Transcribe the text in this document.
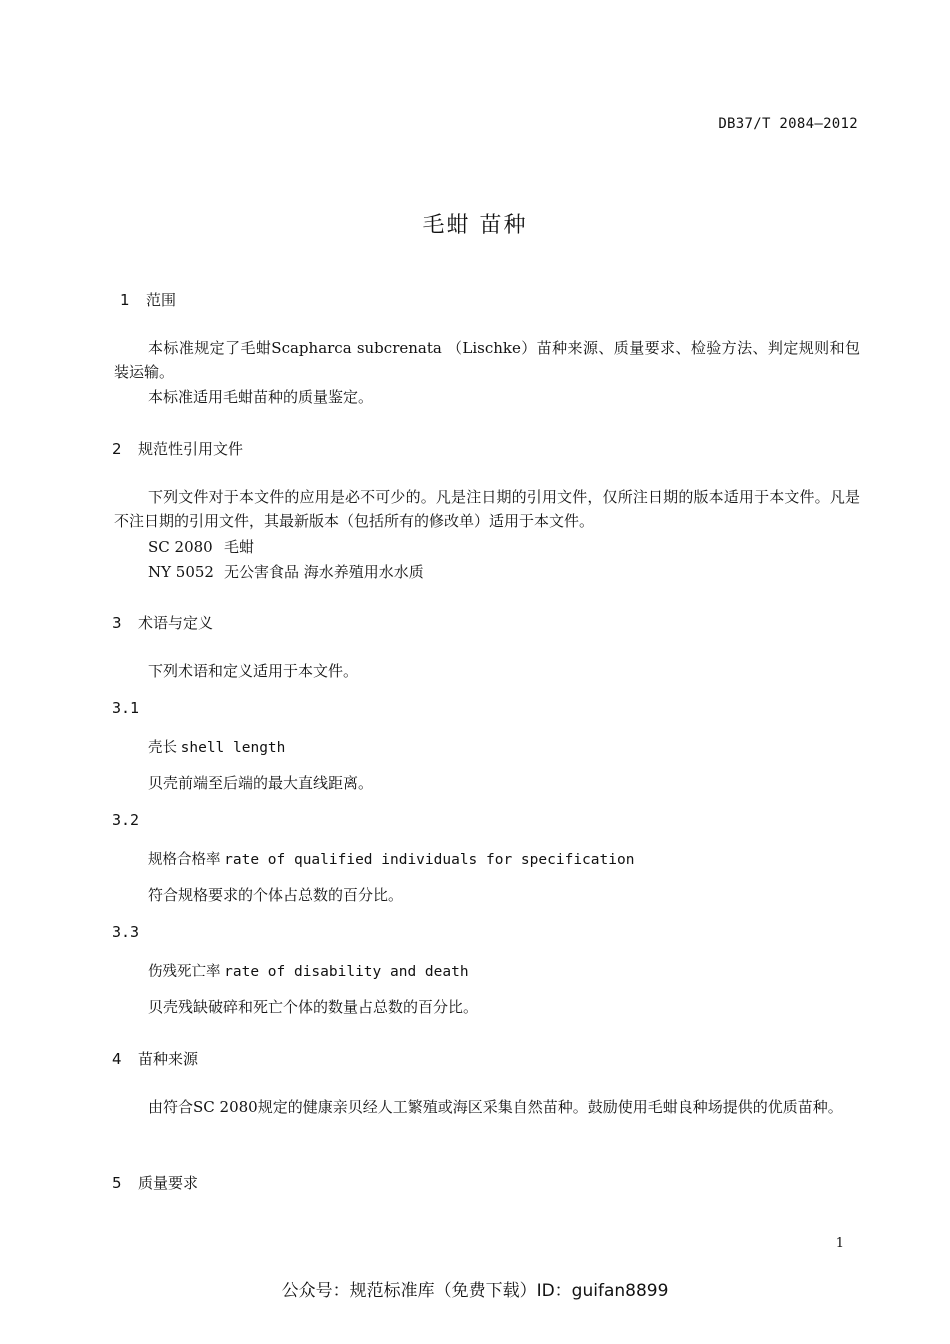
DB37/T 2084—2012
毛蚶 苗种
1 范围
本标准规定了毛蚶Scapharca subcrenata （Lischke）苗种来源、质量要求、检验方法、判定规则和包装运输。
本标准适用毛蚶苗种的质量鉴定。
2 规范性引用文件
下列文件对于本文件的应用是必不可少的。凡是注日期的引用文件，仅所注日期的版本适用于本文件。凡是不注日期的引用文件，其最新版本（包括所有的修改单）适用于本文件。
SC 2080 毛蚶
NY 5052 无公害食品 海水养殖用水水质
3 术语与定义
下列术语和定义适用于本文件。
3.1
壳长 shell length
贝壳前端至后端的最大直线距离。
3.2
规格合格率 rate of qualified individuals for specification
符合规格要求的个体占总数的百分比。
3.3
伤残死亡率 rate of disability and death
贝壳残缺破碎和死亡个体的数量占总数的百分比。
4 苗种来源
由符合SC 2080规定的健康亲贝经人工繁殖或海区采集自然苗种。鼓励使用毛蚶良种场提供的优质苗种。
5 质量要求
1
公众号：规范标准库（免费下载）ID：guifan8899
